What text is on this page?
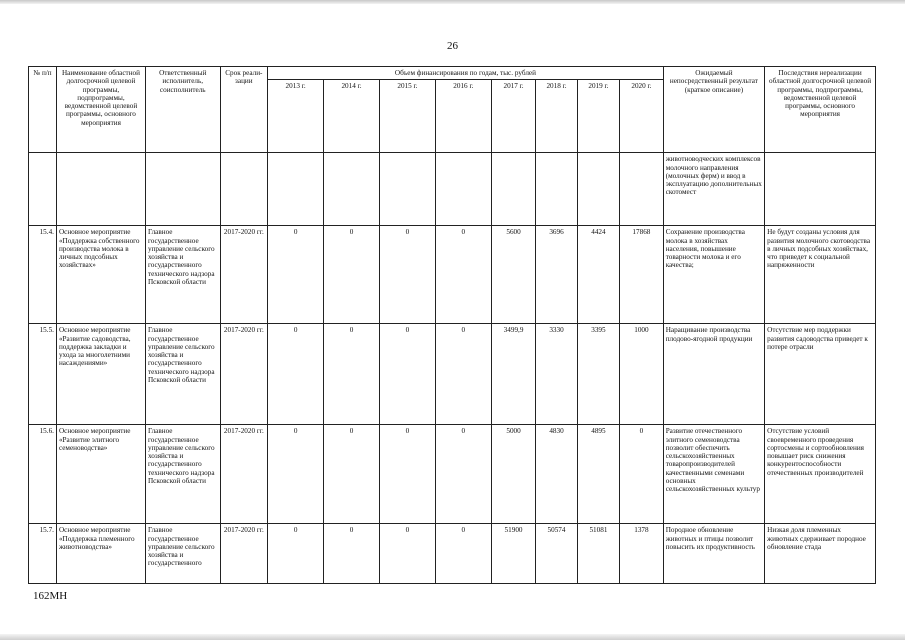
26
№ п/п	Наименование областной долгосрочной целевой программы, подпрограммы, ведомственной целевой программы, основного мероприятия	Ответственный исполнитель, соисполнитель	Срок реали-зации	Объем финансирования по годам, тыс. рублей								Ожидаемый непосредственный результат (краткое описание)	Последствия нереализации областной долгосрочной целевой программы, подпрограммы, ведомственной целевой программы, основного мероприятия
				2013 г.	2014 г.	2015 г.	2016 г.	2017 г.	2018 г.	2019 г.	2020 г.		
												животноводческих комплексов молочного направления (молочных ферм) и ввод в эксплуатацию дополнительных скотомест	
15.4.	Основное мероприятие «Поддержка собственного производства молока в личных подсобных хозяйствах»	Главное государственное управление сельского хозяйства и государственного технического надзора Псковской области	2017-2020 гг.	0	0	0	0	5600	3696	4424	17868	Сохранение производства молока в хозяйствах населения, повышение товарности молока и его качества;	Не будут созданы условия для развития молочного скотоводства в личных подсобных хозяйствах, что приведет к социальной напряженности
15.5.	Основное мероприятие «Развитие садоводства, поддержка закладки и ухода за многолетними насаждениями»	Главное государственное управление сельского хозяйства и государственного технического надзора Псковской области	2017-2020 гг.	0	0	0	0	3499,9	3330	3395	1000	Наращивание производства плодово-ягодной продукции	Отсутствие мер поддержки развития садоводства приведет к потере отрасли
15.6.	Основное мероприятие «Развитие элитного семеноводства»	Главное государственное управление сельского хозяйства и государственного технического надзора Псковской области	2017-2020 гг.	0	0	0	0	5000	4830	4895	0	Развитие отечественного элитного семеноводства позволит обеспечить сельскохозяйственных товаропроизводителей качественными семенами основных сельскохозяйственных культур	Отсутствие условий своевременного проведения сортосмены и сортообновления повышает риск снижения конкурентоспособности отечественных производителей
15.7.	Основное мероприятие «Поддержка племенного животноводства»	Главное государственное управление сельского хозяйства и государственного	2017-2020 гг.	0	0	0	0	51900	50574	51081	1378	Породное обновление животных и птицы позволит повысить их продуктивность	Низкая доля племенных животных сдерживает породное обновление стада
162МН
